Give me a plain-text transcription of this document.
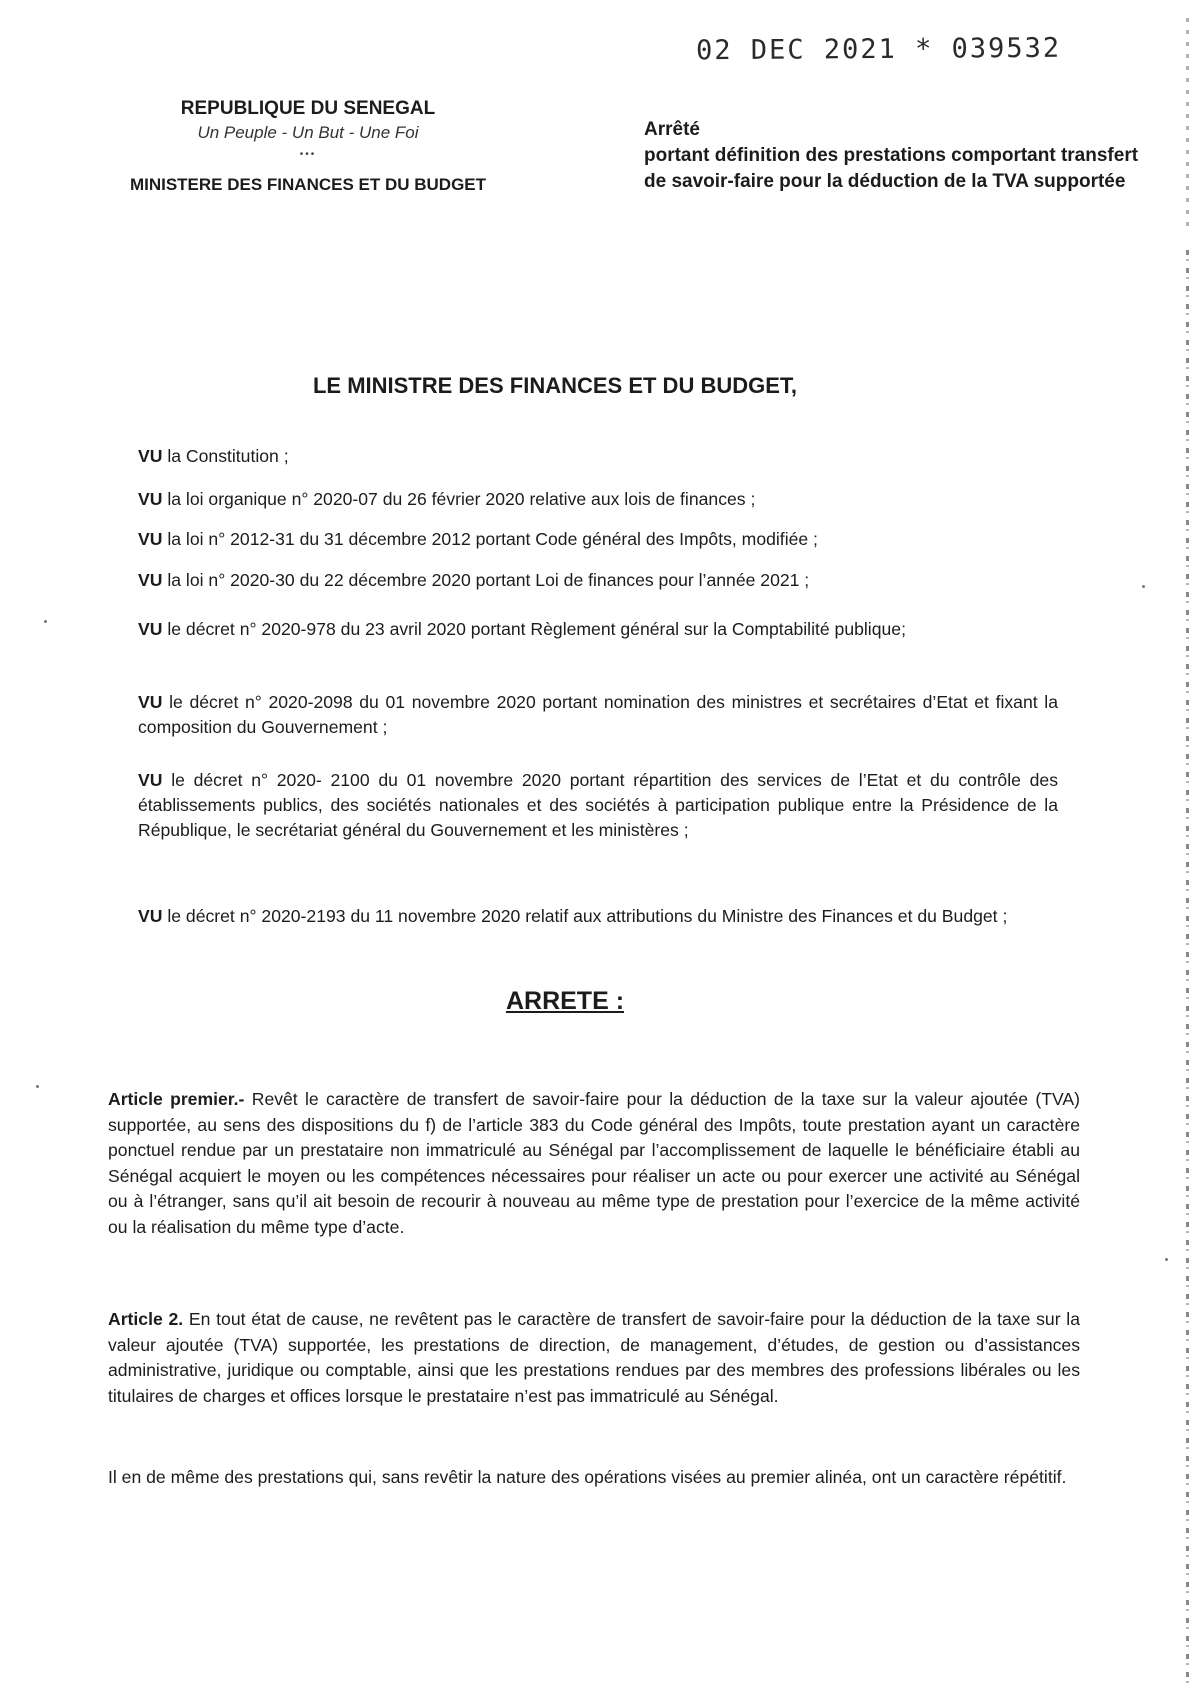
02 DEC 2021 * 039532
REPUBLIQUE DU SENEGAL
Un Peuple - Un But - Une Foi
•••
MINISTERE DES FINANCES ET DU BUDGET
Arrêté
portant définition des prestations comportant transfert de savoir-faire pour la déduction de la TVA supportée
LE MINISTRE DES FINANCES ET DU BUDGET,
VU la Constitution ;
VU la loi organique n° 2020-07 du 26 février 2020 relative aux lois de finances ;
VU la loi n° 2012-31 du 31 décembre 2012 portant Code général des Impôts, modifiée ;
VU la loi n° 2020-30 du 22 décembre 2020 portant Loi de finances pour l’année 2021 ;
VU le décret n° 2020-978 du 23 avril 2020 portant Règlement général sur la Comptabilité publique;
VU le décret n° 2020-2098 du 01 novembre 2020 portant nomination des ministres et secrétaires d’Etat et fixant la composition du Gouvernement ;
VU le décret n° 2020- 2100 du 01 novembre 2020 portant répartition des services de l’Etat et du contrôle des établissements publics, des sociétés nationales et des sociétés à participation publique entre la Présidence de la République, le secrétariat général du Gouvernement et les ministères ;
VU le décret n° 2020-2193 du 11 novembre 2020 relatif aux attributions du Ministre des Finances et du Budget ;
ARRETE :
Article premier.- Revêt le caractère de transfert de savoir-faire pour la déduction de la taxe sur la valeur ajoutée (TVA) supportée, au sens des dispositions du f) de l’article 383 du Code général des Impôts, toute prestation ayant un caractère ponctuel rendue par un prestataire non immatriculé au Sénégal par l’accomplissement de laquelle le bénéficiaire établi au Sénégal acquiert le moyen ou les compétences nécessaires pour réaliser un acte ou pour exercer une activité au Sénégal ou à l’étranger, sans qu’il ait besoin de recourir à nouveau au même type de prestation pour l’exercice de la même activité ou la réalisation du même type d’acte.
Article 2. En tout état de cause, ne revêtent pas le caractère de transfert de savoir-faire pour la déduction de la taxe sur la valeur ajoutée (TVA) supportée, les prestations de direction, de management, d’études, de gestion ou d’assistances administrative, juridique ou comptable, ainsi que les prestations rendues par des membres des professions libérales ou les titulaires de charges et offices lorsque le prestataire n’est pas immatriculé au Sénégal.
Il en de même des prestations qui, sans revêtir la nature des opérations visées au premier alinéa, ont un caractère répétitif.
